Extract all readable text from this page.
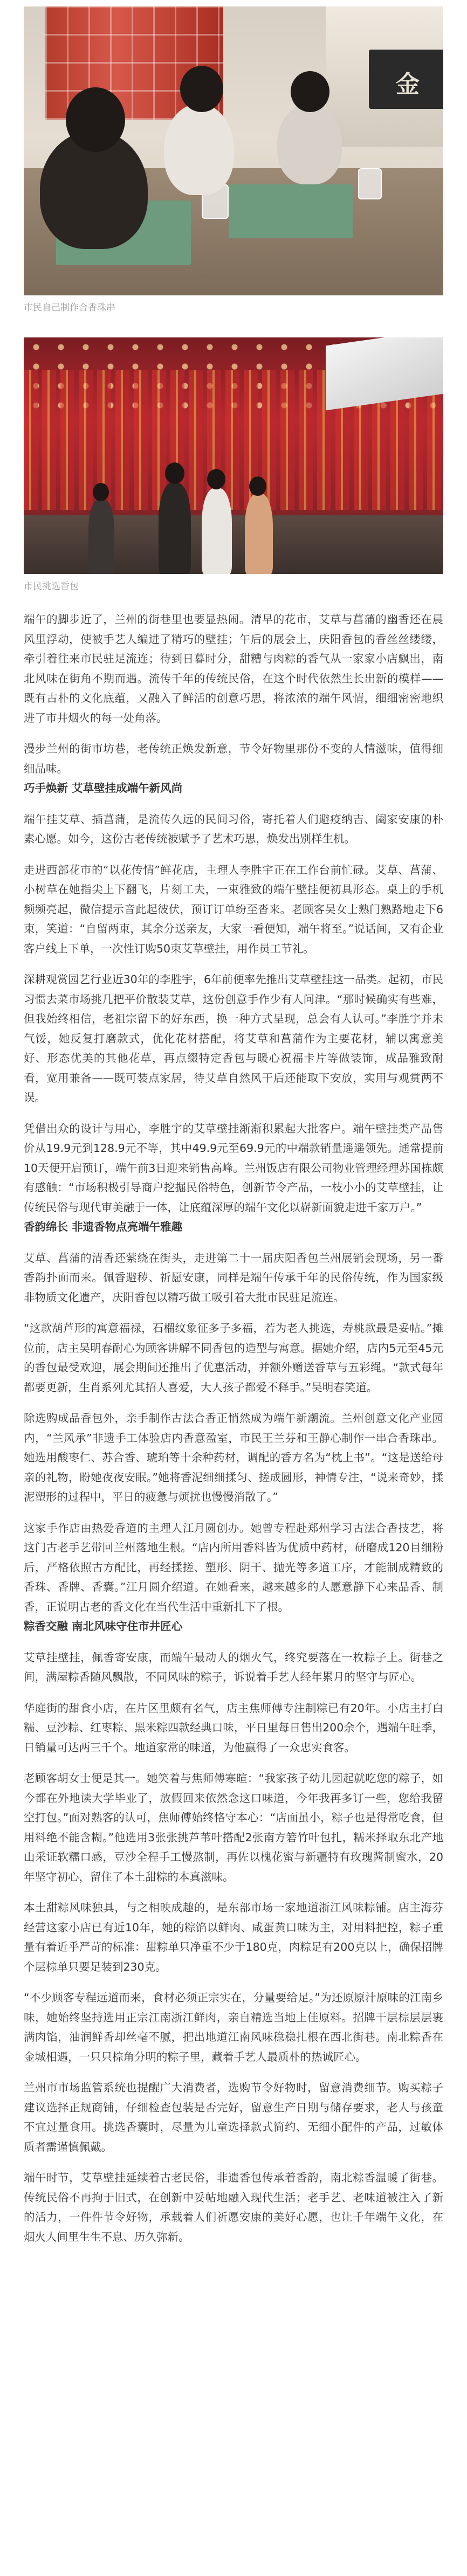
金
市民自己制作合香珠串
市民挑选香包

端午的脚步近了，兰州的街巷里也要显热闹。清早的花市，艾草与菖蒲的幽香还在晨风里浮动，使被手艺人编进了精巧的壁挂；午后的展会上，庆阳香包的香丝丝缕缕，牵引着往来市民驻足流连；待到日暮时分，甜糟与肉粽的香气从一家家小店飘出，南北风味在街角不期而遇。流传千年的传统民俗，在这个时代依然生长出新的模样——既有古朴的文化底蕴，又融入了鲜活的创意巧思，将浓浓的端午风情，细细密密地织进了市井烟火的每一处角落。

漫步兰州的街市坊巷，老传统正焕发新意，节令好物里那份不变的人情滋味，值得细细品味。

巧手焕新 艾草壁挂成端午新风尚

端午挂艾草、插菖蒲，是流传久远的民间习俗，寄托着人们避疫纳吉、阖家安康的朴素心愿。如今，这份古老传统被赋予了艺术巧思，焕发出别样生机。

走进西部花市的“以花传情”鲜花店，主理人李胜宇正在工作台前忙碌。艾草、菖蒲、小树草在她指尖上下翻飞，片刻工夫，一束雅致的端午壁挂便初具形态。桌上的手机频频亮起，微信提示音此起彼伏，预订订单纷至沓来。老顾客吴女士熟门熟路地走下6束，笑道：“自留两束，其余分送亲友，大家一看便知，端午将至。”说话间，又有企业客户线上下单，一次性订购50束艾草壁挂，用作员工节礼。

深耕观赏园艺行业近30年的李胜宇，6年前便率先推出艾草壁挂这一品类。起初，市民习惯去菜市场挑几把平价散装艾草，这份创意手作少有人问津。“那时候确实有些难，但我始终相信，老祖宗留下的好东西，换一种方式呈现，总会有人认可。”李胜宇并未气馁，她反复打磨款式，优化花材搭配，将艾草和菖蒲作为主要花材，辅以寓意美好、形态优美的其他花草，再点缀特定香包与暖心祝福卡片等做装饰，成品雅致耐看，宽用兼备——既可装点家居，待艾草自然风干后还能取下安放，实用与观赏两不误。

凭借出众的设计与用心，李胜宇的艾草壁挂渐渐积累起大批客户。端午壁挂类产品售价从19.9元到128.9元不等，其中49.9元至69.9元的中端款销量遥遥领先。通常提前10天便开启预订，端午前3日迎来销售高峰。兰州饭店有限公司物业管理经理苏国栋颇有感触：“市场积极引导商户挖掘民俗特色，创新节令产品，一枝小小的艾草壁挂，让传统民俗与现代审美融于一体，让底蕴深厚的端午文化以崭新面貌走进千家万户。”

香韵绵长 非遗香物点亮端午雅趣

艾草、菖蒲的清香还萦绕在街头，走进第二十一届庆阳香包兰州展销会现场，另一番香韵扑面而来。佩香避秽、祈愿安康，同样是端午传承千年的民俗传统，作为国家级非物质文化遗产，庆阳香包以精巧做工吸引着大批市民驻足流连。

“这款葫芦形的寓意福禄，石榴纹象征多子多福，若为老人挑选，寿桃款最是妥帖。”摊位前，店主吴明春耐心为顾客讲解不同香包的造型与寓意。据她介绍，店内5元至45元的香包最受欢迎，展会期间还推出了优惠活动，并额外赠送香草与五彩绳。“款式每年都要更新，生肖系列尤其招人喜爱，大人孩子都爱不释手。”吴明春笑道。

除选购成品香包外，亲手制作古法合香正悄然成为端午新潮流。兰州创意文化产业园内，“兰风承”非遗手工体验店内香意盈室，市民王兰芬和王静心制作一串合香珠串。她选用酸枣仁、苏合香、琥珀等十余种药材，调配的香方名为“枕上书”。“这是送给母亲的礼物，盼她夜夜安眠。”她将香泥细细揉匀、搓成圆形，神情专注，“说来奇妙，揉泥塑形的过程中，平日的疲惫与烦扰也慢慢消散了。”

这家手作店由热爱香道的主理人江月圆创办。她曾专程赴郑州学习古法合香技艺，将这门古老手艺带回兰州落地生根。“店内所用香料皆为优质中药材，研磨成120目细粉后，严格依照古方配比，再经揉搓、塑形、阴干、抛光等多道工序，才能制成精致的香珠、香牌、香囊。”江月圆介绍道。在她看来，越来越多的人愿意静下心来品香、制香，正说明古老的香文化在当代生活中重新扎下了根。

粽香交融 南北风味守住市井匠心

艾草挂壁挂，佩香寄安康，而端午最动人的烟火气，终究要落在一枚粽子上。街巷之间，满屋粽香随风飘散，不同风味的粽子，诉说着手艺人经年累月的坚守与匠心。

华庭街的甜食小店，在片区里颇有名气，店主焦师傅专注制粽已有20年。小店主打白糯、豆沙粽、红枣粽、黑米粽四款经典口味，平日里每日售出200余个，遇端午旺季，日销量可达两三千个。地道家常的味道，为他赢得了一众忠实食客。

老顾客胡女士便是其一。她笑着与焦师傅寒暄：“我家孩子幼儿园起就吃您的粽子，如今都在外地读大学毕业了，放假回来依然念这口味道，今年我再多订一些，您给我留空打包。”面对熟客的认可，焦师傅始终恪守本心：“店面虽小，粽子也是得常吃食，但用料绝不能含糊。”他选用3张张挑芦苇叶搭配2张南方箬竹叶包扎，糯米择取东北产地山采证软糯口感，豆沙全程手工慢熬制，再佐以槐花蜜与新疆特有玫瑰酱制蜜水，20年坚守初心，留住了本土甜粽的本真滋味。

本土甜粽风味独具，与之相映成趣的，是东部市场一家地道浙江风味粽铺。店主海芬经营这家小店已有近10年，她的粽馅以鲜肉、咸蛋黄口味为主，对用料把控，粽子重量有着近乎严苛的标准：甜粽单只净重不少于180克，肉粽足有200克以上，确保招牌个层棕单只要足装到230克。

“不少顾客专程远道而来，食材必须正宗实在，分量要给足。”为还原原汁原味的江南乡味，她始终坚持选用正宗江南浙江鲜肉，亲自精选当地上佳原料。招牌干层棕层层裹满肉馅，油润鲜香却丝毫不腻，把出地道江南风味稳稳扎根在西北街巷。南北粽香在金城相遇，一只只棕角分明的粽子里，藏着手艺人最质朴的热诚匠心。

兰州市市场监管系统也提醒广大消费者，选购节令好物时，留意消费细节。购买粽子建议选择正规商铺，仔细检查包装是否完好，留意生产日期与储存要求，老人与孩童不宜过量食用。挑选香囊时，尽量为儿童选择款式简约、无细小配件的产品，过敏体质者需谨慎佩戴。

端午时节，艾草壁挂延续着古老民俗，非遗香包传承着香韵，南北粽香温暖了街巷。传统民俗不再拘于旧式，在创新中妥帖地融入现代生活；老手艺、老味道被注入了新的活力，一件件节令好物，承载着人们祈愿安康的美好心愿，也让千年端午文化，在烟火人间里生生不息、历久弥新。
